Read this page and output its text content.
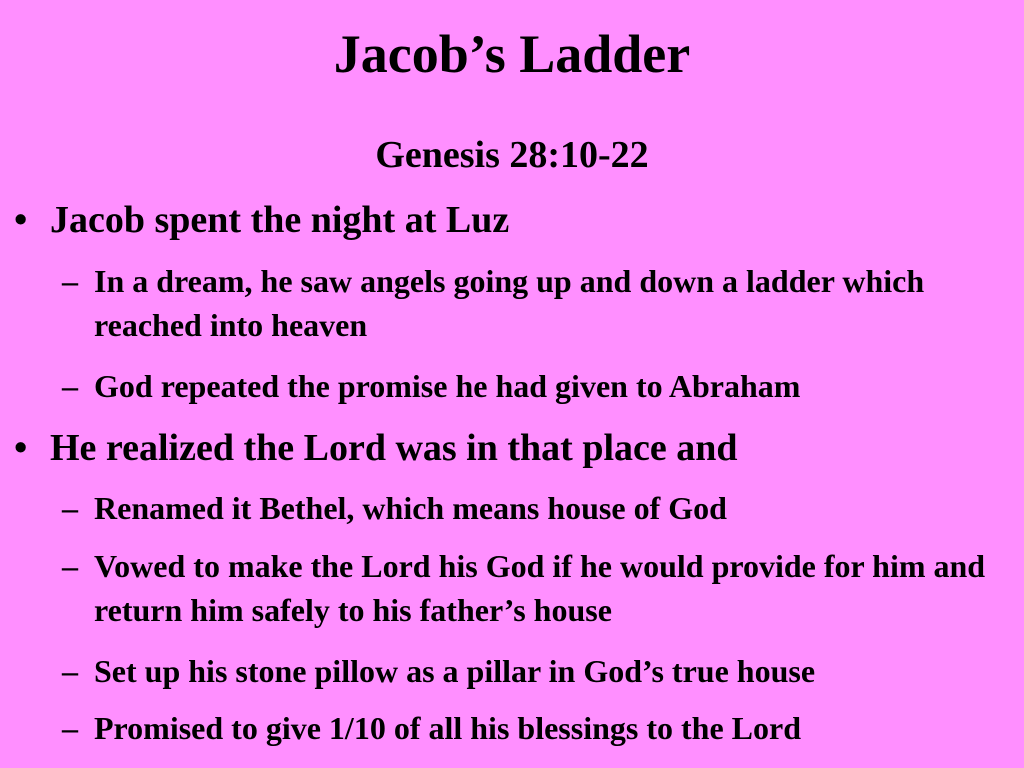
Jacob’s Ladder
Genesis 28:10-22
• Jacob spent the night at Luz
– In a dream, he saw angels going up and down a ladder which reached into heaven
– God repeated the promise he had given to Abraham
• He realized the Lord was in that place and
– Renamed it Bethel, which means house of God
– Vowed to make the Lord his God if he would provide for him and return him safely to his father’s house
– Set up his stone pillow as a pillar in God’s true house
– Promised to give 1/10 of all his blessings to the Lord
